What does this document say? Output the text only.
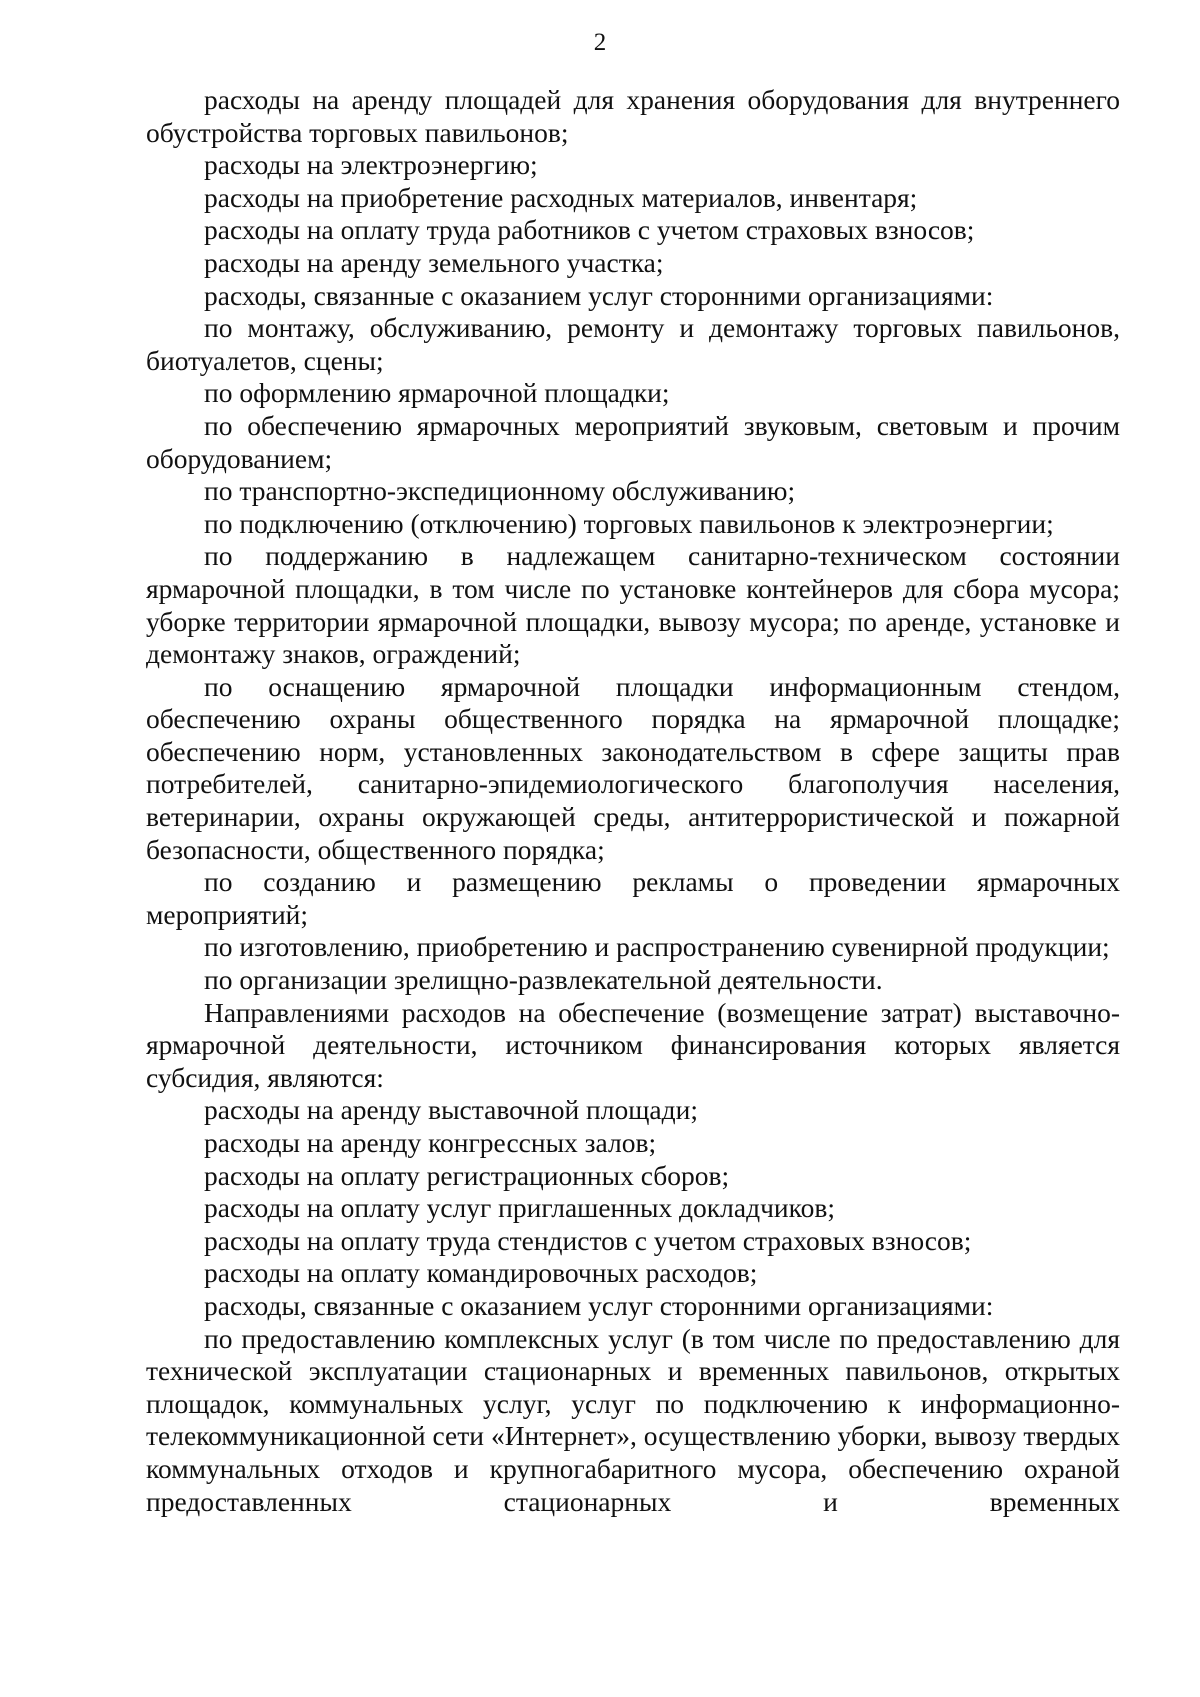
2

расходы на аренду площадей для хранения оборудования для внутреннего обустройства торговых павильонов;

расходы на электроэнергию;

расходы на приобретение расходных материалов, инвентаря;

расходы на оплату труда работников с учетом страховых взносов;

расходы на аренду земельного участка;

расходы, связанные с оказанием услуг сторонними организациями:

по монтажу, обслуживанию, ремонту и демонтажу торговых павильонов, биотуалетов, сцены;

по оформлению ярмарочной площадки;

по обеспечению ярмарочных мероприятий звуковым, световым и прочим оборудованием;

по транспортно-экспедиционному обслуживанию;

по подключению (отключению) торговых павильонов к электроэнергии;

по поддержанию в надлежащем санитарно-техническом состоянии ярмарочной площадки, в том числе по установке контейнеров для сбора мусора; уборке территории ярмарочной площадки, вывозу мусора; по аренде, установке и демонтажу знаков, ограждений;

по оснащению ярмарочной площадки информационным стендом, обеспечению охраны общественного порядка на ярмарочной площадке; обеспечению норм, установленных законодательством в сфере защиты прав потребителей, санитарно-эпидемиологического благополучия населения, ветеринарии, охраны окружающей среды, антитеррористической и пожарной безопасности, общественного порядка;

по созданию и размещению рекламы о проведении ярмарочных мероприятий;

по изготовлению, приобретению и распространению сувенирной продукции;

по организации зрелищно-развлекательной деятельности.

Направлениями расходов на обеспечение (возмещение затрат) выставочно-ярмарочной деятельности, источником финансирования которых является субсидия, являются:

расходы на аренду выставочной площади;

расходы на аренду конгрессных залов;

расходы на оплату регистрационных сборов;

расходы на оплату услуг приглашенных докладчиков;

расходы на оплату труда стендистов с учетом страховых взносов;

расходы на оплату командировочных расходов;

расходы, связанные с оказанием услуг сторонними организациями:

по предоставлению комплексных услуг (в том числе по предоставлению для технической эксплуатации стационарных и временных павильонов, открытых площадок, коммунальных услуг, услуг по подключению к информационно-телекоммуникационной сети «Интернет», осуществлению уборки, вывозу твердых коммунальных отходов и крупногабаритного мусора, обеспечению охраной предоставленных стационарных и временных
